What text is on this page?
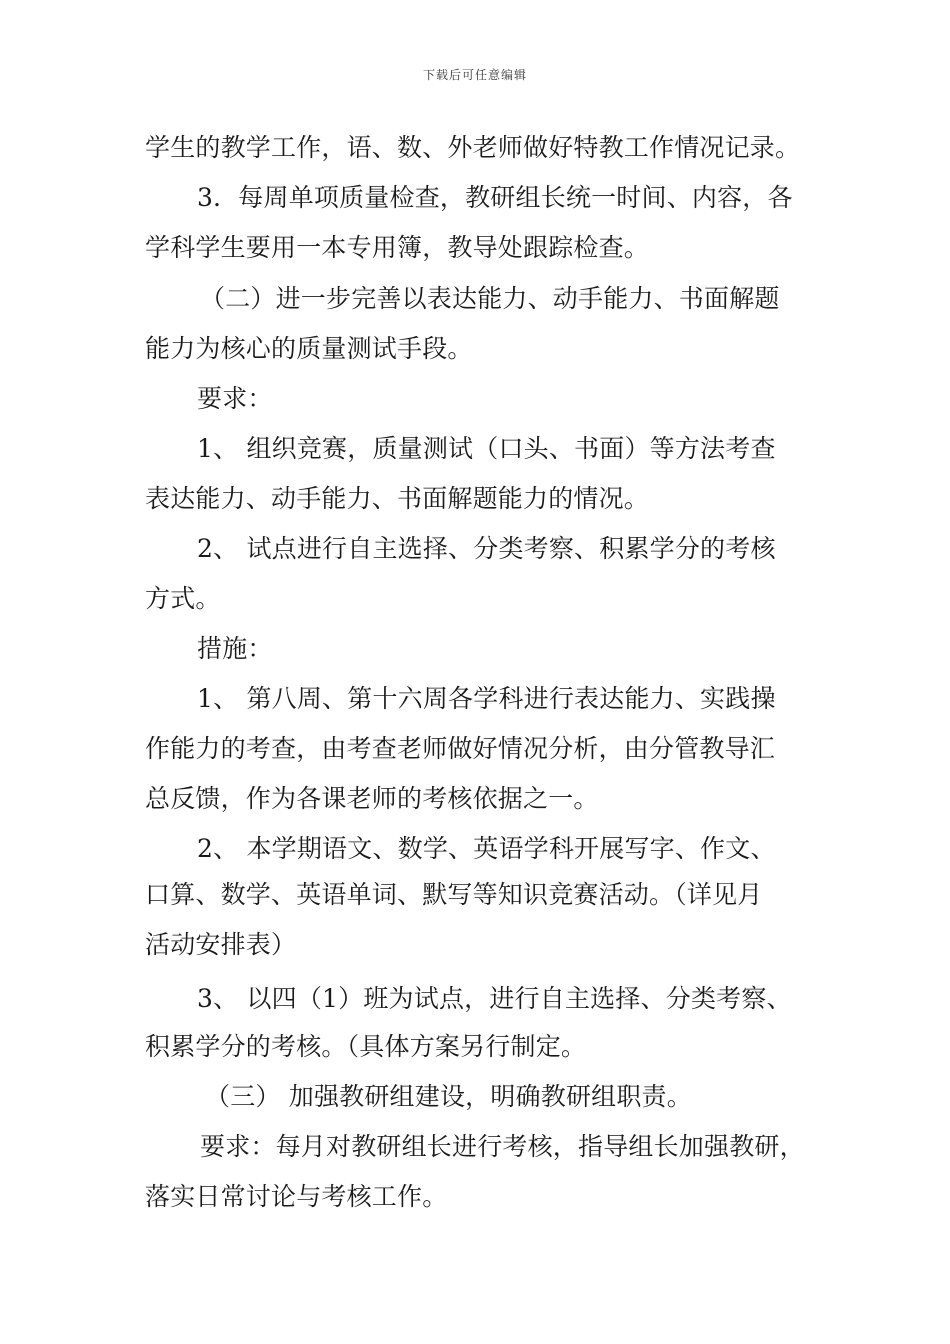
下载后可任意编辑
学生的教学工作，语、数、外老师做好特教工作情况记录。
3．每周单项质量检查，教研组长统一时间、内容，各
学科学生要用一本专用簿，教导处跟踪检查。
（二）进一步完善以表达能力、动手能力、书面解题
能力为核心的质量测试手段。
要求：
1、 组织竞赛，质量测试（口头、书面）等方法考查
表达能力、动手能力、书面解题能力的情况。
2、 试点进行自主选择、分类考察、积累学分的考核
方式。
措施：
1、 第八周、第十六周各学科进行表达能力、实践操
作能力的考查，由考查老师做好情况分析，由分管教导汇
总反馈，作为各课老师的考核依据之一。
2、 本学期语文、数学、英语学科开展写字、作文、
口算、数学、英语单词、默写等知识竞赛活动。（详见月
活动安排表）
3、 以四（1）班为试点，进行自主选择、分类考察、
积累学分的考核。（具体方案另行制定。
（三） 加强教研组建设，明确教研组职责。
要求：每月对教研组长进行考核，指导组长加强教研，
落实日常讨论与考核工作。
